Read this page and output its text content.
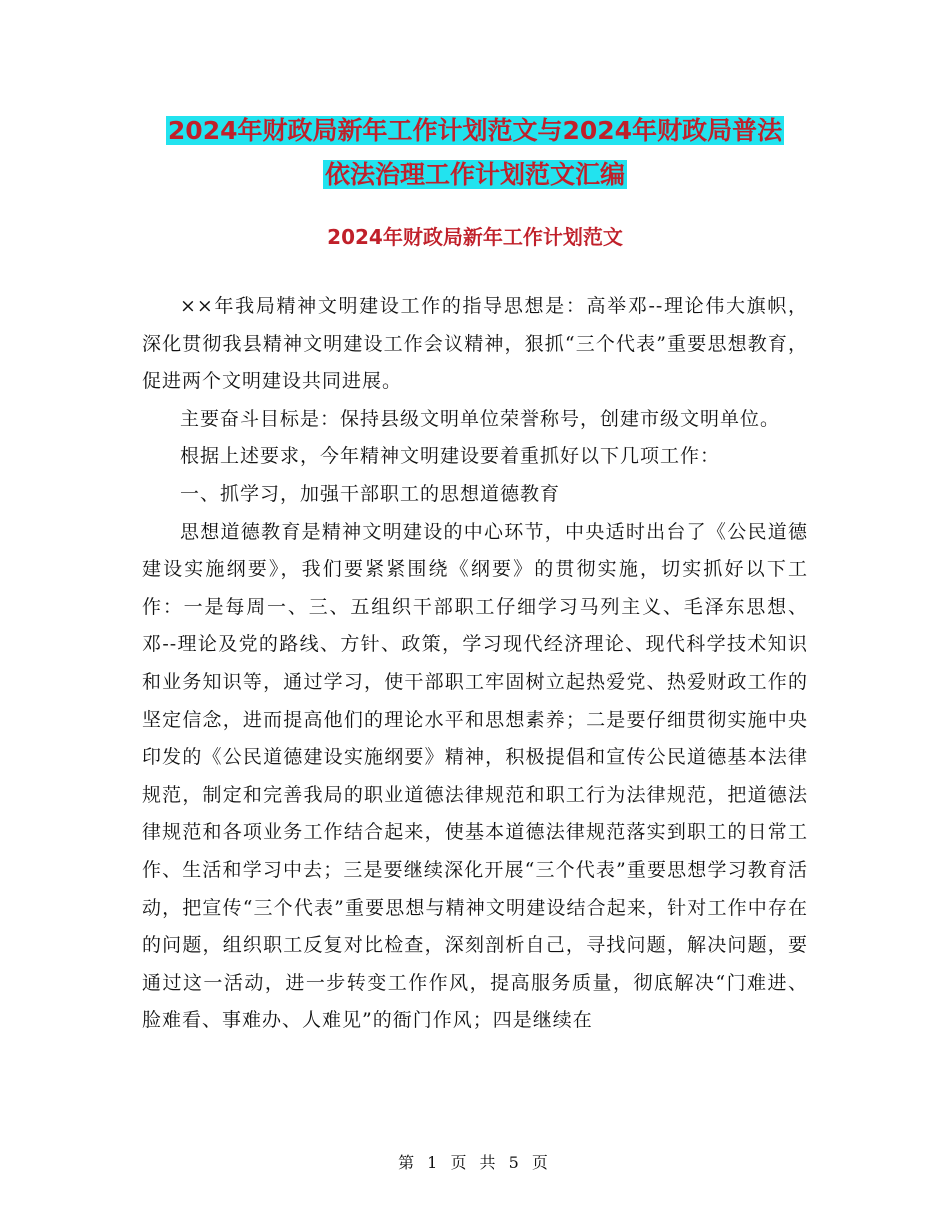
2024年财政局新年工作计划范文与2024年财政局普法
依法治理工作计划范文汇编
2024年财政局新年工作计划范文

××年我局精神文明建设工作的指导思想是：高举邓--理论伟大旗帜，深化贯彻我县精神文明建设工作会议精神，狠抓“三个代表”重要思想教育，促进两个文明建设共同进展。

主要奋斗目标是：保持县级文明单位荣誉称号，创建市级文明单位。

根据上述要求，今年精神文明建设要着重抓好以下几项工作：

一、抓学习，加强干部职工的思想道德教育

思想道德教育是精神文明建设的中心环节，中央适时出台了《公民道德建设实施纲要》，我们要紧紧围绕《纲要》的贯彻实施，切实抓好以下工作：一是每周一、三、五组织干部职工仔细学习马列主义、毛泽东思想、邓--理论及党的路线、方针、政策，学习现代经济理论、现代科学技术知识和业务知识等，通过学习，使干部职工牢固树立起热爱党、热爱财政工作的坚定信念，进而提高他们的理论水平和思想素养；二是要仔细贯彻实施中央印发的《公民道德建设实施纲要》精神，积极提倡和宣传公民道德基本法律规范，制定和完善我局的职业道德法律规范和职工行为法律规范，把道德法律规范和各项业务工作结合起来，使基本道德法律规范落实到职工的日常工作、生活和学习中去；三是要继续深化开展“三个代表”重要思想学习教育活动，把宣传“三个代表”重要思想与精神文明建设结合起来，针对工作中存在的问题，组织职工反复对比检查，深刻剖析自己，寻找问题，解决问题，要通过这一活动，进一步转变工作作风，提高服务质量，彻底解决“门难进、脸难看、事难办、人难见”的衙门作风；四是继续在

第 1 页 共 5 页
